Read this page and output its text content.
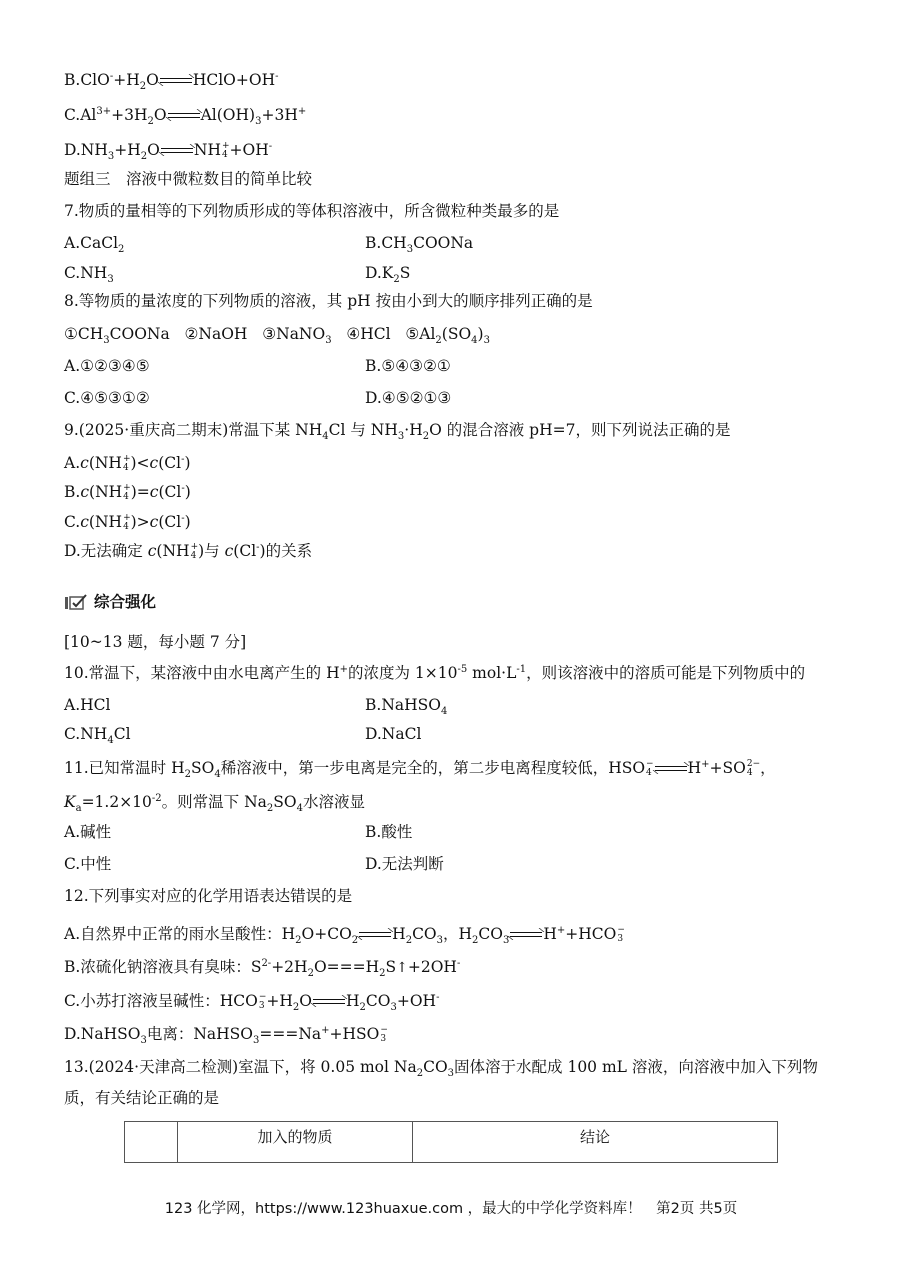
$B.ClO^-+H_2O$ HClO+OH-
$C.Al^{3+}+3H_2O$ $Al(OH)_3+3H^+$
$D.NH_3+H_2O$ NH +
4 +OH-
题组三　溶液中微粒数目的简单比较
7.物质的量相等的下列物质形成的等体积溶液中，所含微粒种类最多的是
A.CaCl$_2$	$B.CH_3COONa$
$C.NH_3$	$D.K_2S$
8.等物质的量浓度的下列物质的溶液，其 pH 按由小到大的顺序排列正确的是
$①CH_3COONa$ ②NaOH ③NaNO$_3$ ④HCl $⑤Al_2(SO_4)_3$
A.①②③④⑤	B.⑤④③②①
C.④⑤③①②	D.④⑤②①③
9.(2025·重庆高二期末)常温下某 $NH_4Cl$ 与 $NH_3\cdot H_2O$ 的混合溶液 pH=7，则下列说法正确的是
A.c(NH +
4 )<c(Cl-)
B.c(NH +
4 )=c(Cl-)
C.c(NH +
4 )>c(Cl-)
D.无法确定 c(NH +
4 )与 c(Cl-)的关系
综合强化
[10~13 题，每小题 7 分]
10.常温下，某溶液中由水电离产生的 H+的浓度为 $1\times 10^{-5}$ $mol\cdot L^{-1}$，则该溶液中的溶质可能是下列物质中的
A.HCl	B.NaHSO$_4$
$C.NH_4Cl$	D.NaCl
11.已知常温时 $H_2SO_4$稀溶液中，第一步电离是完全的，第二步电离程度较低，HSO −
4 H++SO 2−
4 ，
$K_a=1.2\times 10^{-2}$。则常温下 $Na_2SO_4$水溶液显
A.碱性	B.酸性
C.中性	D.无法判断
12.下列事实对应的化学用语表达错误的是
A.自然界中正常的雨水呈酸性：$H_2O+CO_2$ $H_2CO_3$，$H_2CO_3$ H++HCO −
3
B.浓硫化钠溶液具有臭味：$S^{2-}+2H_2O===H_2S↑+2OH^-$
C.小苏打溶液呈碱性：HCO −
$3 +H_2O$ $H_2CO_3+OH^-$
D.NaHSO$_3$电离：NaHSO$_3$===Na++HSO −
3
13.(2024·天津高二检测)室温下，将 0.05 mol $Na_2CO_3$固体溶于水配成 100 mL 溶液，向溶液中加入下列物
质，有关结论正确的是
	加入的物质	结论
123 化学网，https://www.123huaxue.com ，最大的中学化学资料库！　第2页 共5页
